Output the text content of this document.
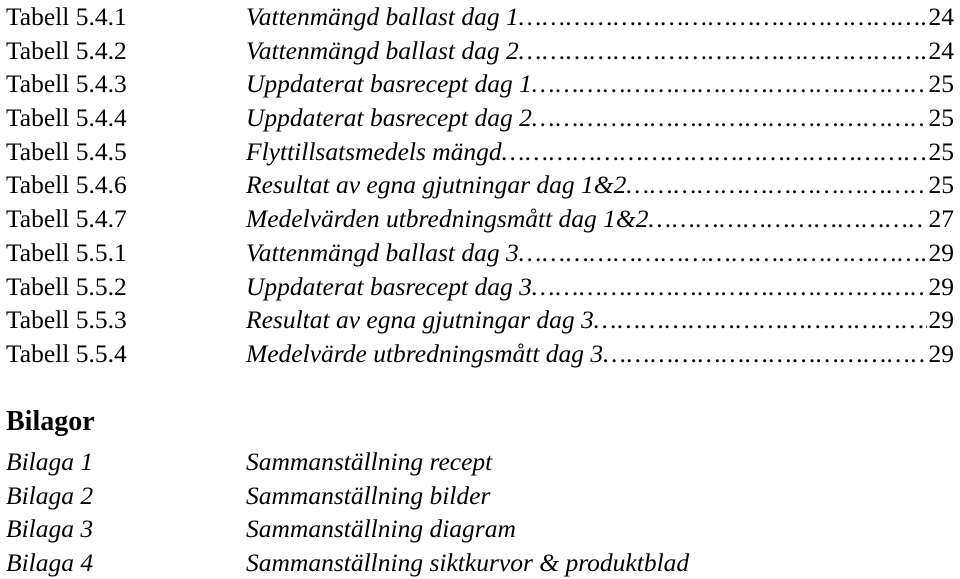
Tabell 5.4.1	Vattenmängd ballast dag 1 …………………………………………………………………………………………………………	24
Tabell 5.4.2	Vattenmängd ballast dag 2 …………………………………………………………………………………………………………	24
Tabell 5.4.3	Uppdaterat basrecept dag 1 …………………………………………………………………………………………………………	25
Tabell 5.4.4	Uppdaterat basrecept dag 2 …………………………………………………………………………………………………………	25
Tabell 5.4.5	Flyttillsatsmedels mängd …………………………………………………………………………………………………………	25
Tabell 5.4.6	Resultat av egna gjutningar dag 1&2 …………………………………………………………………………………………………………	25
Tabell 5.4.7	Medelvärden utbredningsmått dag 1&2 …………………………………………………………………………………………………………	27
Tabell 5.5.1	Vattenmängd ballast dag 3 …………………………………………………………………………………………………………	29
Tabell 5.5.2	Uppdaterat basrecept dag 3 …………………………………………………………………………………………………………	29
Tabell 5.5.3	Resultat av egna gjutningar dag 3 …………………………………………………………………………………………………………	29
Tabell 5.5.4	Medelvärde utbredningsmått dag 3 …………………………………………………………………………………………………………	29
Bilagor
Bilaga 1	Sammanställning recept
Bilaga 2	Sammanställning bilder
Bilaga 3	Sammanställning diagram
Bilaga 4	Sammanställning siktkurvor & produktblad
